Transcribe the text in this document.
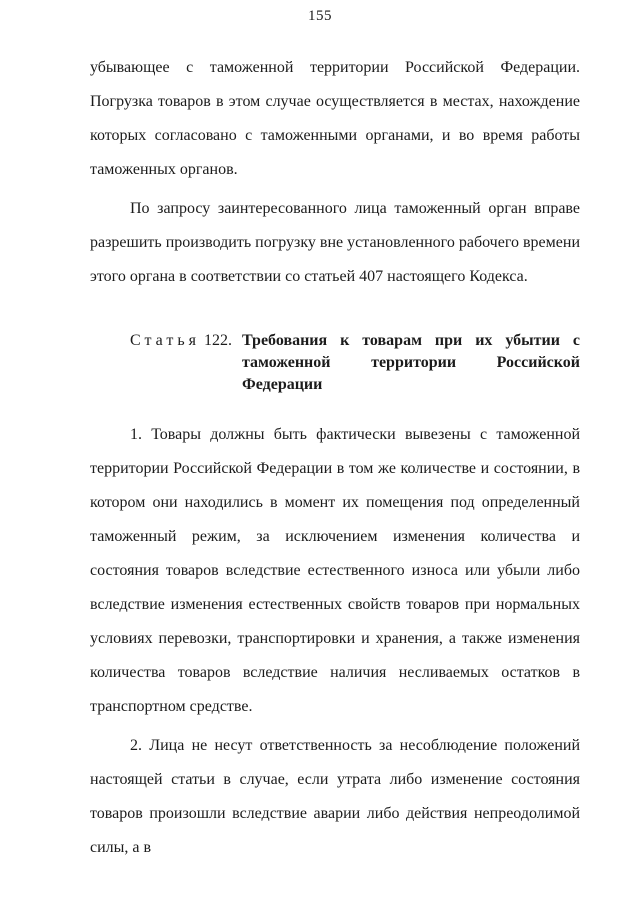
155

убывающее с таможенной территории Российской Федерации. Погрузка товаров в этом случае осуществляется в местах, нахождение которых согласовано с таможенными органами, и во время работы таможенных органов.

По запросу заинтересованного лица таможенный орган вправе разрешить производить погрузку вне установленного рабочего времени этого органа в соответствии со статьей 407 настоящего Кодекса.

Статья 122. Требования к товарам при их убытии с таможенной территории Российской Федерации

1. Товары должны быть фактически вывезены с таможенной территории Российской Федерации в том же количестве и состоянии, в котором они находились в момент их помещения под определенный таможенный режим, за исключением изменения количества и состояния товаров вследствие естественного износа или убыли либо вследствие изменения естественных свойств товаров при нормальных условиях перевозки, транспортировки и хранения, а также изменения количества товаров вследствие наличия несливаемых остатков в транспортном средстве.

2. Лица не несут ответственность за несоблюдение положений настоящей статьи в случае, если утрата либо изменение состояния товаров произошли вследствие аварии либо действия непреодолимой силы, а в
